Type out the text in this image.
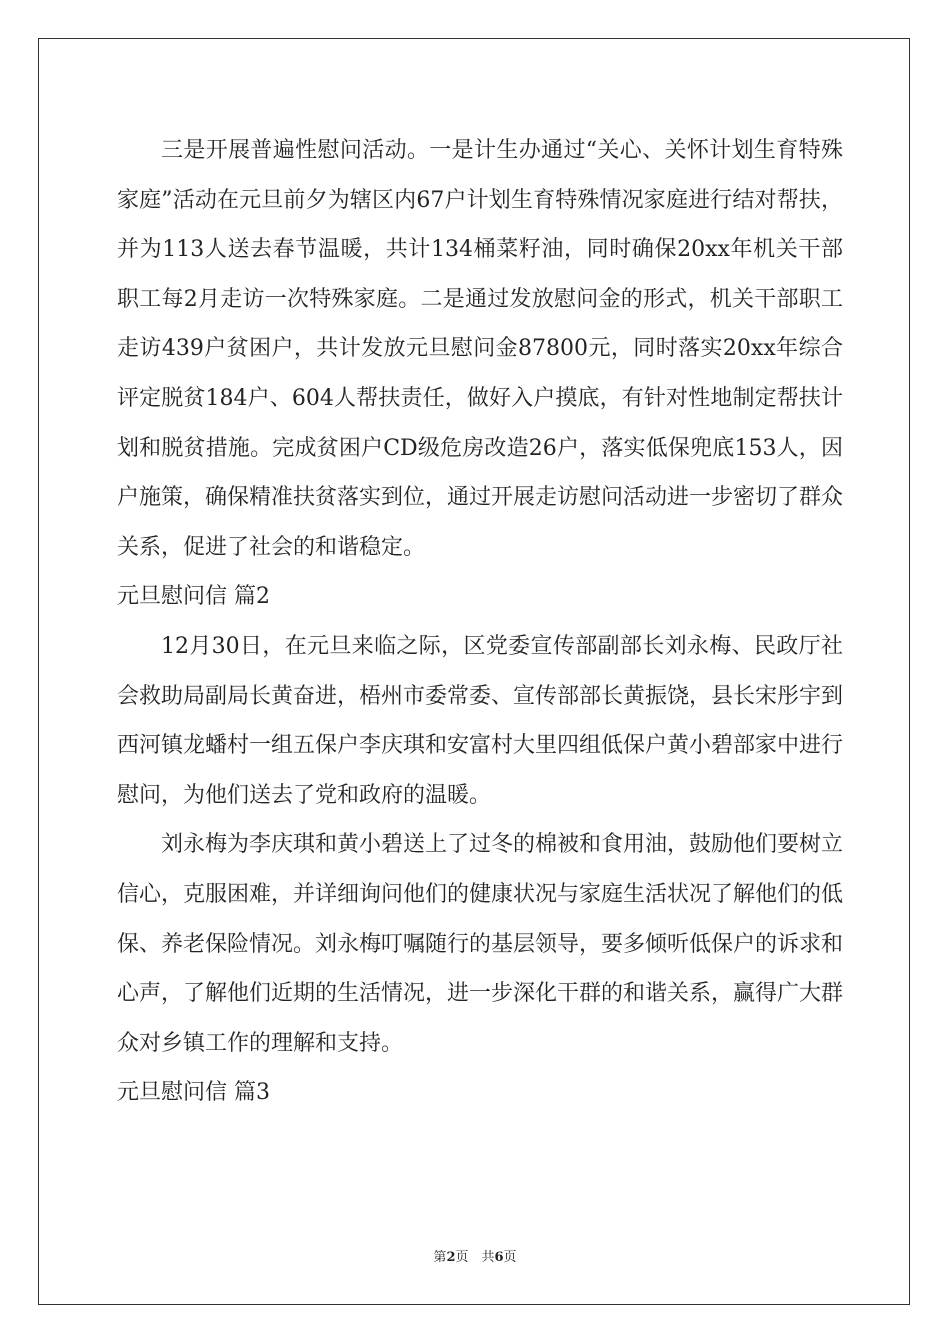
三是开展普遍性慰问活动。一是计生办通过“关心、关怀计划生育特殊家庭”活动在元旦前夕为辖区内67户计划生育特殊情况家庭进行结对帮扶，并为113人送去春节温暖，共计134桶菜籽油，同时确保20xx年机关干部职工每2月走访一次特殊家庭。二是通过发放慰问金的形式，机关干部职工走访439户贫困户，共计发放元旦慰问金87800元，同时落实20xx年综合评定脱贫184户、604人帮扶责任，做好入户摸底，有针对性地制定帮扶计划和脱贫措施。完成贫困户CD级危房改造26户，落实低保兜底153人，因户施策，确保精准扶贫落实到位，通过开展走访慰问活动进一步密切了群众关系，促进了社会的和谐稳定。

元旦慰问信 篇2

12月30日，在元旦来临之际，区党委宣传部副部长刘永梅、民政厅社会救助局副局长黄奋进，梧州市委常委、宣传部部长黄振饶，县长宋彤宇到西河镇龙蟠村一组五保户李庆琪和安富村大里四组低保户黄小碧部家中进行慰问，为他们送去了党和政府的温暖。

刘永梅为李庆琪和黄小碧送上了过冬的棉被和食用油，鼓励他们要树立信心，克服困难，并详细询问他们的健康状况与家庭生活状况了解他们的低保、养老保险情况。刘永梅叮嘱随行的基层领导，要多倾听低保户的诉求和心声，了解他们近期的生活情况，进一步深化干群的和谐关系，赢得广大群众对乡镇工作的理解和支持。

元旦慰问信 篇3

第2页　共6页
